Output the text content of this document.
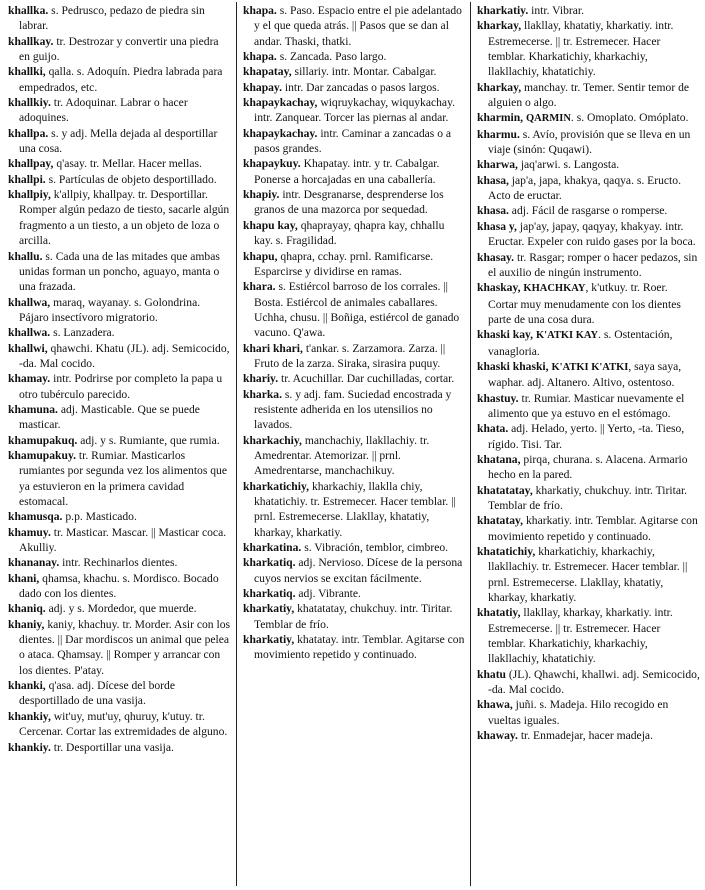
khallka. s. Pedrusco, pedazo de piedra sin labrar.

khallkay. tr. Destrozar y convertir una piedra en guijo.

khallki, qalla. s. Adoquín. Piedra labrada para empedrados, etc.

khallkiy. tr. Adoquinar. Labrar o hacer adoquines.

khallpa. s. y adj. Mella dejada al desportillar una cosa.

khallpay, q'asay. tr. Mellar. Hacer mellas.

khallpi. s. Partículas de objeto desportillado.

khallpiy, k'allpiy, khallpay. tr. Desportillar. Romper algún pedazo de tiesto, sacarle algún fragmento a un tiesto, a un objeto de loza o arcilla.

khallu. s. Cada una de las mitades que ambas unidas forman un poncho, aguayo, manta o una frazada.

khallwa, maraq, wayanay. s. Golondrina. Pájaro insectívoro migratorio.

khallwa. s. Lanzadera.

khallwi, qhawchi. Khatu (JL). adj. Semicocido, -da. Mal cocido.

khamay. intr. Podrirse por completo la papa u otro tubérculo parecido.

khamuna. adj. Masticable. Que se puede masticar.

khamupakuq. adj. y s. Rumiante, que rumia.

khamupakuy. tr. Rumiar. Masticarlos rumiantes por segunda vez los alimentos que ya estuvieron en la primera cavidad estomacal.

khamusqa. p.p. Masticado.

khamuy. tr. Masticar. Mascar. || Masticar coca. Akulliy.

khananay. intr. Rechinarlos dientes.

khani, qhamsa, khachu. s. Mordisco. Bocado dado con los dientes.

khaniq. adj. y s. Mordedor, que muerde.

khaniy, kaniy, khachuy. tr. Morder. Asir con los dientes. || Dar mordiscos un animal que pelea o ataca. Qhamsay. || Romper y arrancar con los dientes. P'atay.

khanki, q'asa. adj. Dícese del borde desportillado de una vasija.

khankiy, wit'uy, mut'uy, qhuruy, k'utuy. tr. Cercenar. Cortar las extremidades de alguno.

khankiy. tr. Desportillar una vasija.

khapa. s. Paso. Espacio entre el pie adelantado y el que queda atrás. || Pasos que se dan al andar. Thaski, thatki.

khapa. s. Zancada. Paso largo.

khapatay, sillariy. intr. Montar. Cabalgar.

khapay. intr. Dar zancadas o pasos largos.

khapaykachay, wiqruykachay, wiquykachay. intr. Zanquear. Torcer las piernas al andar.

khapaykachay. intr. Caminar a zancadas o a pasos grandes.

khapaykuy. Khapatay. intr. y tr. Cabalgar. Ponerse a horcajadas en una caballería.

khapiy. intr. Desgranarse, desprenderse los granos de una mazorca por sequedad.

khapu kay, qhaprayay, qhapra kay, chhallu kay. s. Fragilidad.

khapu, qhapra, cchay. prnl. Ramificarse. Esparcirse y dividirse en ramas.

khara. s. Estiércol barroso de los corrales. || Bosta. Estiércol de animales caballares. Uchha, chusu. || Boñiga, estiércol de ganado vacuno. Q'awa.

khari khari, t'ankar. s. Zarzamora. Zarza. || Fruto de la zarza. Siraka, sirasira puquy.

khariy. tr. Acuchillar. Dar cuchilladas, cortar.

kharka. s. y adj. fam. Suciedad encostrada y resistente adherida en los utensilios no lavados.

kharkachiy, manchachiy, llakllachiy. tr. Amedrentar. Atemorizar. || prnl. Amedrentarse, manchachikuy.

kharkatichiy, kharkachiy, llaklla chiy, khatatichiy. tr. Estremecer. Hacer temblar. || prnl. Estremecerse. Llakllay, khatatiy, kharkay, kharkatiy.

kharkatina. s. Vibración, temblor, cimbreo.

kharkatiq. adj. Nervioso. Dícese de la persona cuyos nervios se excitan fácilmente.

kharkatiq. adj. Vibrante.

kharkatiy, khatatatay, chukchuy. intr. Tiritar. Temblar de frío.

kharkatiy, khatatay. intr. Temblar. Agitarse con movimiento repetido y continuado.

kharkatiy. intr. Vibrar.

kharkay, llakllay, khatatiy, kharkatiy. intr. Estremecerse. || tr. Estremecer. Hacer temblar. Kharkatichiy, kharkachiy, llakllachiy, khatatichiy.

kharkay, manchay. tr. Temer. Sentir temor de alguien o algo.

kharmin, QARMIN. s. Omoplato. Omóplato.

kharmu. s. Avío, provisión que se lleva en un viaje (sinón: Quqawi).

kharwa, jaq'arwi. s. Langosta.

khasa, jap'a, japa, khakya, qaqya. s. Eructo. Acto de eructar.

khasa. adj. Fácil de rasgarse o romperse.

khasa y, jap'ay, japay, qaqyay, khakyay. intr. Eructar. Expeler con ruido gases por la boca.

khasay. tr. Rasgar; romper o hacer pedazos, sin el auxilio de ningún instrumento.

khaskay, KHACHKAY, k'utkuy. tr. Roer. Cortar muy menudamente con los dientes parte de una cosa dura.

khaski kay, K'ATKI KAY. s. Ostentación, vanagloria.

khaski khaski, K'ATKI K'ATKI, saya saya, waphar. adj. Altanero. Altivo, ostentoso.

khastuy. tr. Rumiar. Masticar nuevamente el alimento que ya estuvo en el estómago.

khata. adj. Helado, yerto. || Yerto, -ta. Tieso, rígido. Tisi. Tar.

khatana, pirqa, churana. s. Alacena. Armario hecho en la pared.

khatatatay, kharkatiy, chukchuy. intr. Tiritar. Temblar de frío.

khatatay, kharkatiy. intr. Temblar. Agitarse con movimiento repetido y continuado.

khatatichiy, kharkatichiy, kharkachiy, llakllachiy. tr. Estremecer. Hacer temblar. || prnl. Estremecerse. Llakllay, khatatiy, kharkay, kharkatiy.

khatatiy, llakllay, kharkay, kharkatiy. intr. Estremecerse. || tr. Estremecer. Hacer temblar. Kharkatichiy, kharkachiy, llakllachiy, khatatichiy.

khatu (JL). Qhawchi, khallwi. adj. Semicocido, -da. Mal cocido.

khawa, juñi. s. Madeja. Hilo recogido en vueltas iguales.

khaway. tr. Enmadejar, hacer madeja.
